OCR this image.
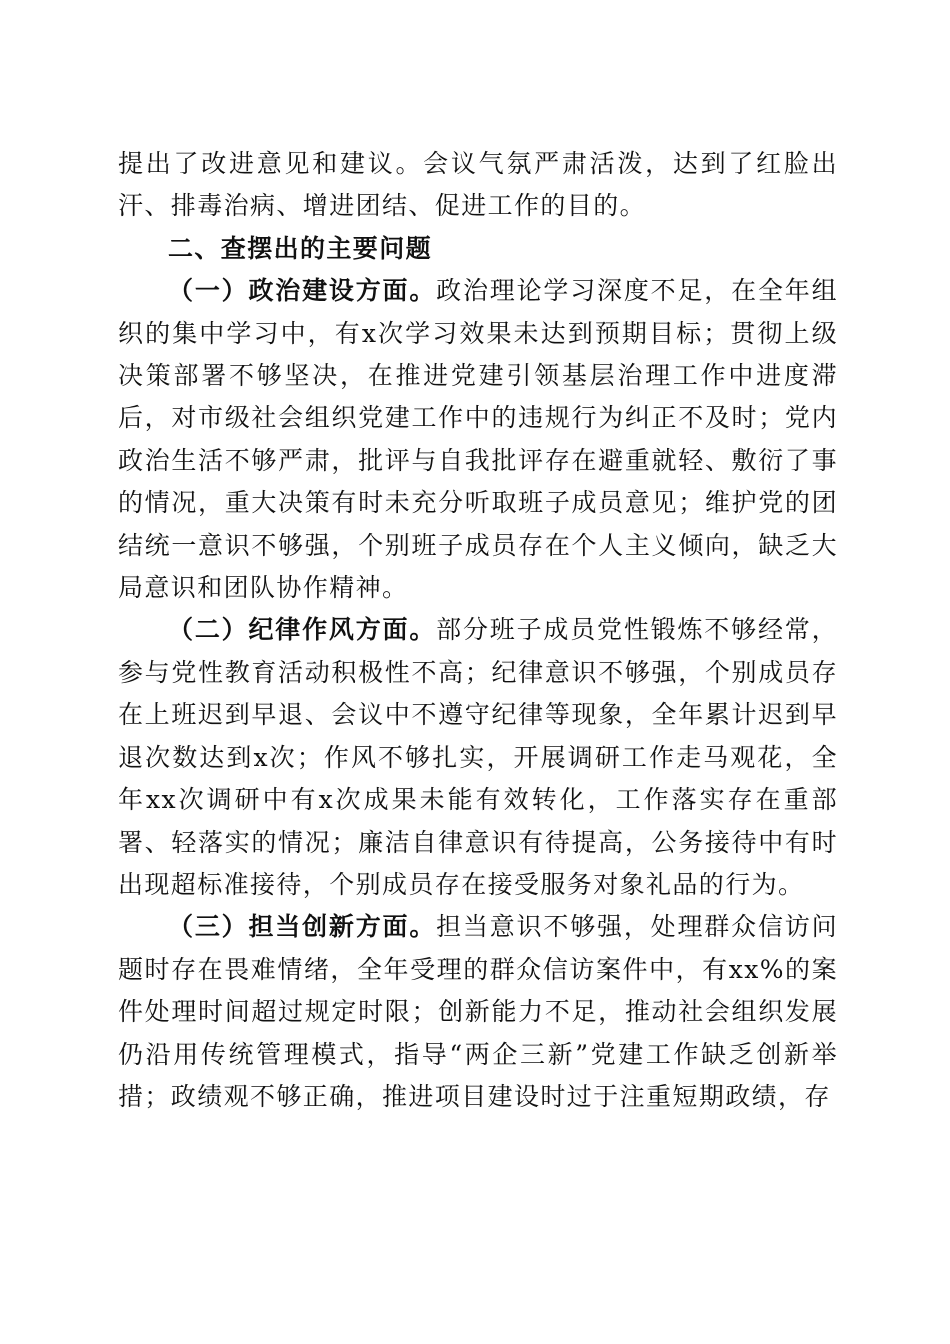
提出了改进意见和建议。会议气氛严肃活泼，达到了红脸出汗、排毒治病、增进团结、促进工作的目的。

二、查摆出的主要问题

（一）政治建设方面。政治理论学习深度不足，在全年组织的集中学习中，有x次学习效果未达到预期目标；贯彻上级决策部署不够坚决，在推进党建引领基层治理工作中进度滞后，对市级社会组织党建工作中的违规行为纠正不及时；党内政治生活不够严肃，批评与自我批评存在避重就轻、敷衍了事的情况，重大决策有时未充分听取班子成员意见；维护党的团结统一意识不够强，个别班子成员存在个人主义倾向，缺乏大局意识和团队协作精神。

（二）纪律作风方面。部分班子成员党性锻炼不够经常，参与党性教育活动积极性不高；纪律意识不够强，个别成员存在上班迟到早退、会议中不遵守纪律等现象，全年累计迟到早退次数达到x次；作风不够扎实，开展调研工作走马观花，全年xx次调研中有x次成果未能有效转化，工作落实存在重部署、轻落实的情况；廉洁自律意识有待提高，公务接待中有时出现超标准接待，个别成员存在接受服务对象礼品的行为。

（三）担当创新方面。担当意识不够强，处理群众信访问题时存在畏难情绪，全年受理的群众信访案件中，有xx%的案件处理时间超过规定时限；创新能力不足，推动社会组织发展仍沿用传统管理模式，指导“两企三新”党建工作缺乏创新举措；政绩观不够正确，推进项目建设时过于注重短期政绩，存
